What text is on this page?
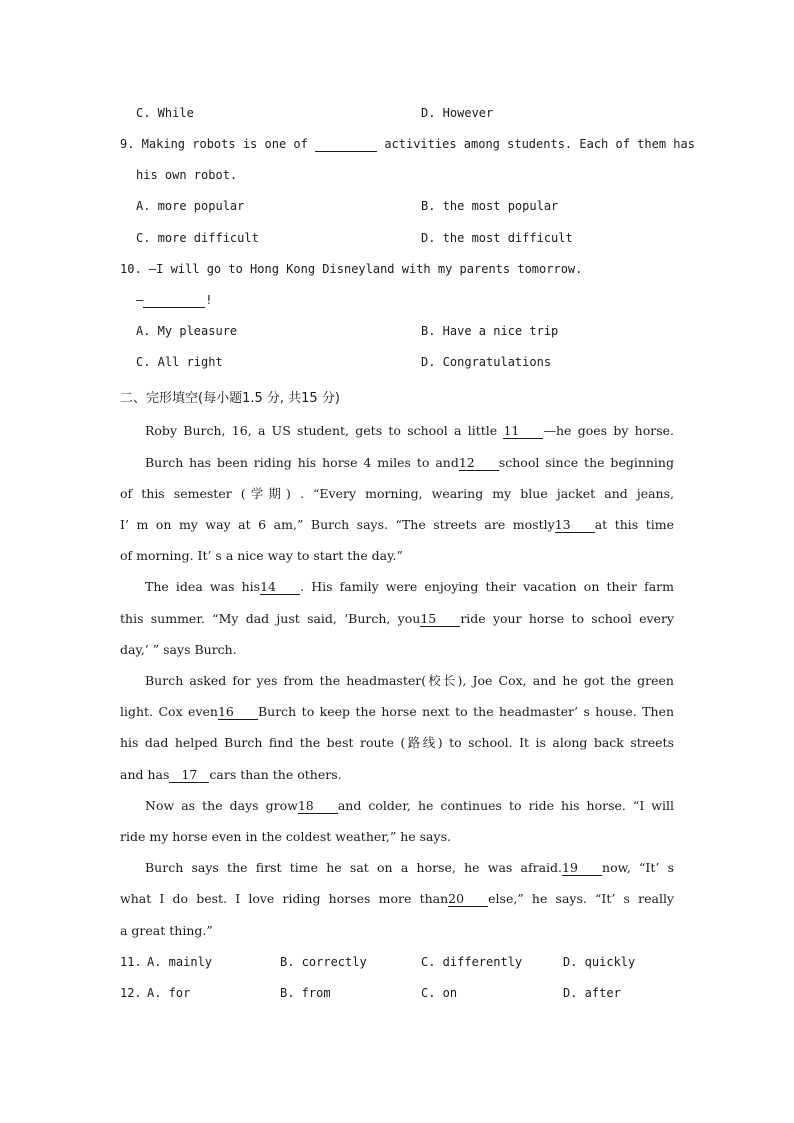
C. While	D. However
9. Making robots is one of	activities among students. Each of them has
his own robot.
A. more popular	B. the most popular
C. more difficult	D. the most difficult
10. —I will go to Hong Kong Disneyland with my parents tomorrow.
—	!
A. My pleasure	B. Have a nice trip
C. All right	D. Congratulations
二、完形填空(每小题1.5 分, 共15 分)
Roby Burch, 16, a US student, gets to school a little 11 —he goes by horse.
Burch has been riding his horse 4 miles to and12 school since the beginning
of this semester (学期) . “Every morning, wearing my blue jacket and jeans,
I’ m on my way at 6 am,” Burch says. “The streets are mostly13 at this time
of morning. It’ s a nice way to start the day.”
The idea was his14 . His family were enjoying their vacation on their farm
this summer. “My dad just said, ‘Burch, you15 ride your horse to school every
day,’ ” says Burch.
Burch asked for yes from the headmaster(校长), Joe Cox, and he got the green
light. Cox even16 Burch to keep the horse next to the headmaster’ s house. Then
his dad helped Burch find the best route (路线) to school. It is along back streets
and has 17 cars than the others.
Now as the days grow18 and colder, he continues to ride his horse. “I will
ride my horse even in the coldest weather,” he says.
Burch says the first time he sat on a horse, he was afraid.19 now, “It’ s
what I do best. I love riding horses more than20 else,” he says. “It’ s really
a great thing.”
11. A. mainly	B. correctly	C. differently	D. quickly
12. A. for	B. from	C. on	D. after
